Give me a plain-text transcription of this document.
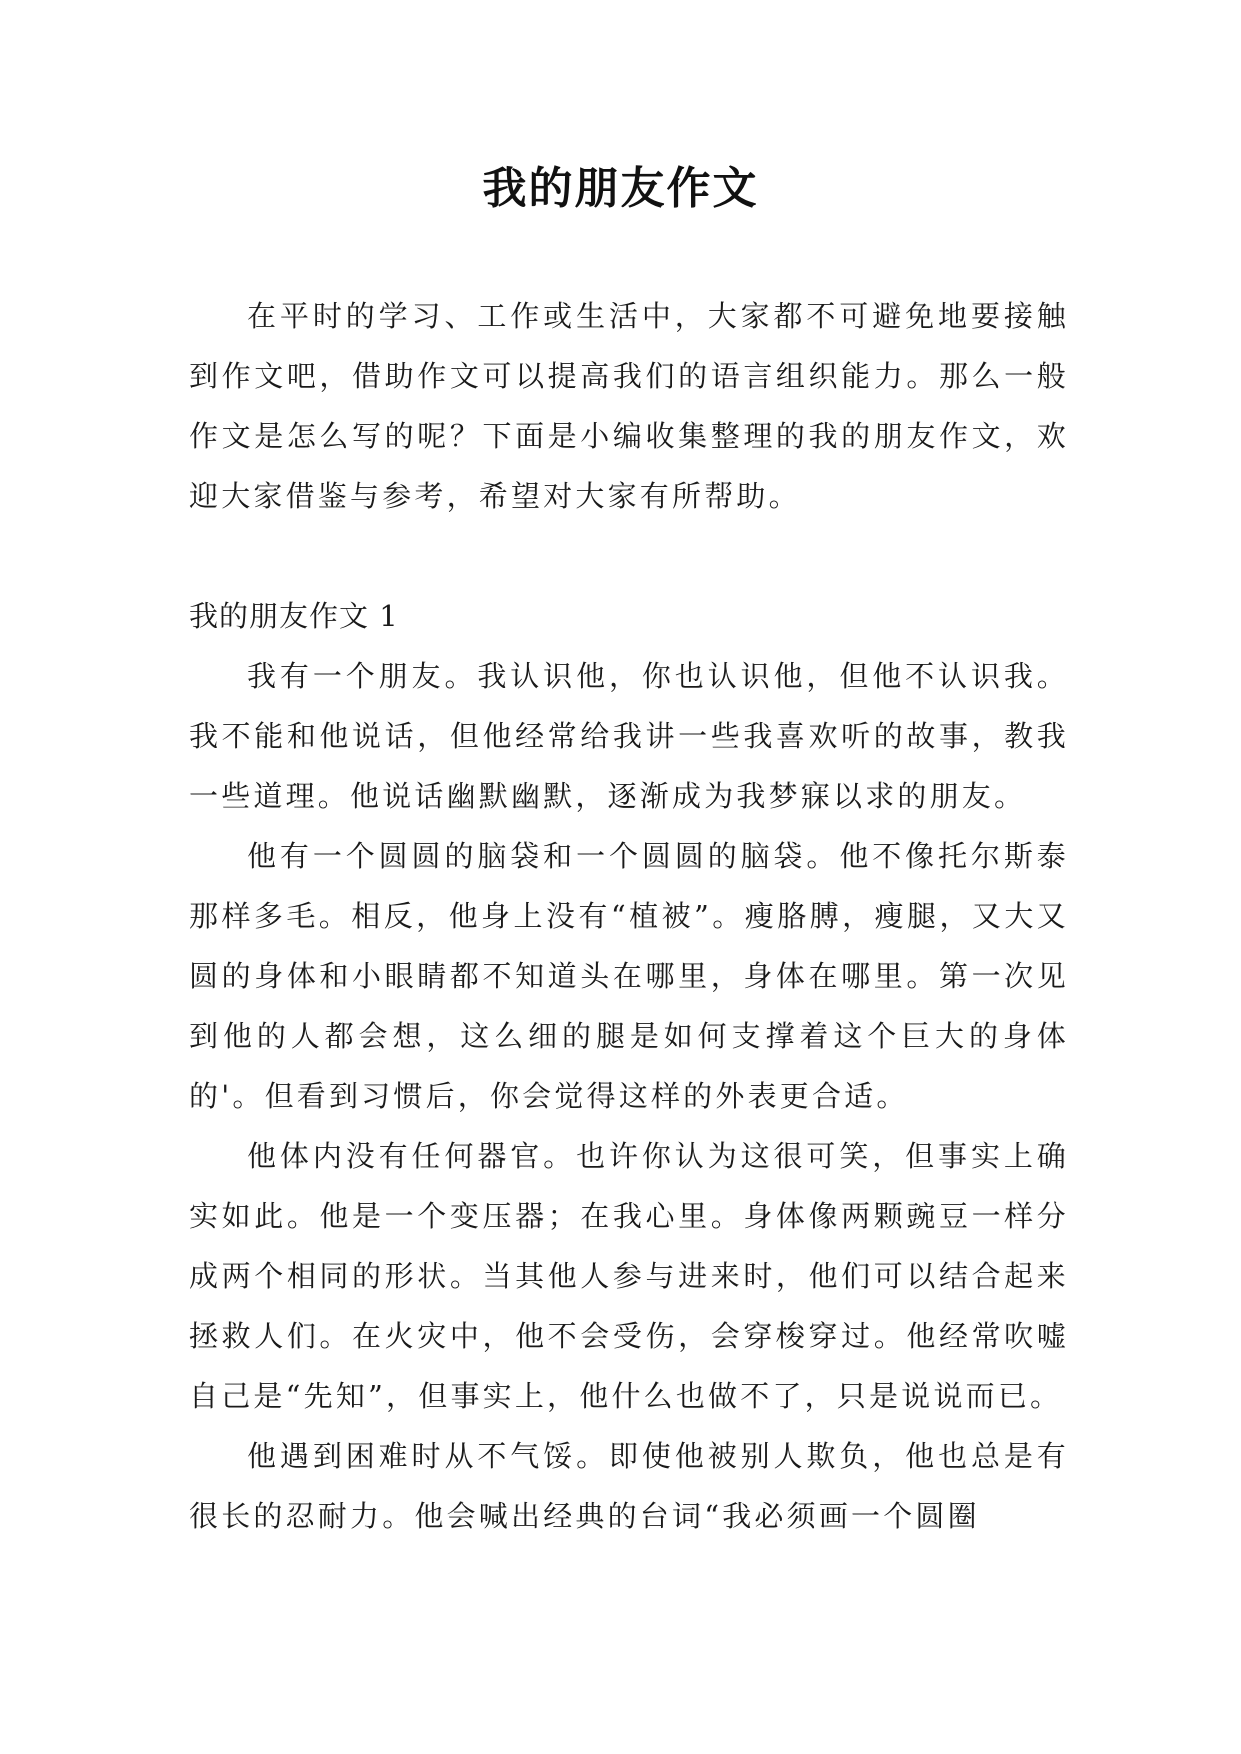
我的朋友作文

在平时的学习、工作或生活中，大家都不可避免地要接触到作文吧，借助作文可以提高我们的语言组织能力。那么一般作文是怎么写的呢？下面是小编收集整理的我的朋友作文，欢迎大家借鉴与参考，希望对大家有所帮助。

我的朋友作文 1

我有一个朋友。我认识他，你也认识他，但他不认识我。我不能和他说话，但他经常给我讲一些我喜欢听的故事，教我一些道理。他说话幽默幽默，逐渐成为我梦寐以求的朋友。

他有一个圆圆的脑袋和一个圆圆的脑袋。他不像托尔斯泰那样多毛。相反，他身上没有“植被”。瘦胳膊，瘦腿，又大又圆的身体和小眼睛都不知道头在哪里，身体在哪里。第一次见到他的人都会想，这么细的腿是如何支撑着这个巨大的身体的'。但看到习惯后，你会觉得这样的外表更合适。

他体内没有任何器官。也许你认为这很可笑，但事实上确实如此。他是一个变压器；在我心里。身体像两颗豌豆一样分成两个相同的形状。当其他人参与进来时，他们可以结合起来拯救人们。在火灾中，他不会受伤，会穿梭穿过。他经常吹嘘自己是“先知”，但事实上，他什么也做不了，只是说说而已。

他遇到困难时从不气馁。即使他被别人欺负，他也总是有很长的忍耐力。他会喊出经典的台词“我必须画一个圆圈
